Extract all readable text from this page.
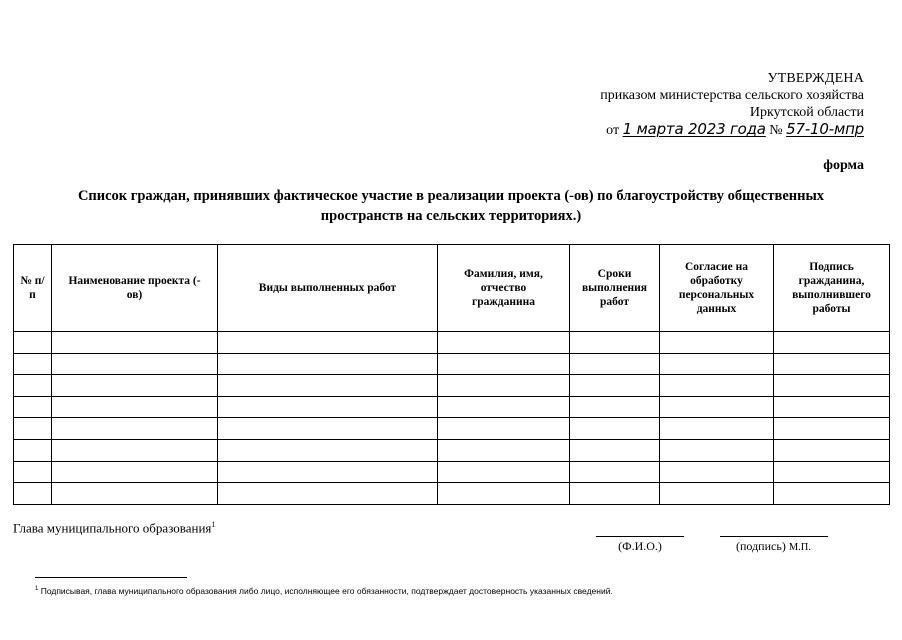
УТВЕРЖДЕНА
приказом министерства сельского хозяйства
Иркутской области
от 1 марта 2023 года № 57-10-мпр
форма
Список граждан, принявших фактическое участие в реализации проекта (-ов) по благоустройству общественных
пространств на сельских территориях.)
№ п/п	Наименование проекта (-ов)	Виды выполненных работ	Фамилия, имя, отчество гражданина	Сроки выполнения работ	Согласие на обработку персональных данных	Подпись гражданина, выполнившего работы

Глава муниципального образования$^1$
(Ф.И.О.)	(подпись) М.П.
$^1$ Подписывая, глава муниципального образования либо лицо, исполняющее его обязанности, подтверждает достоверность указанных сведений.
